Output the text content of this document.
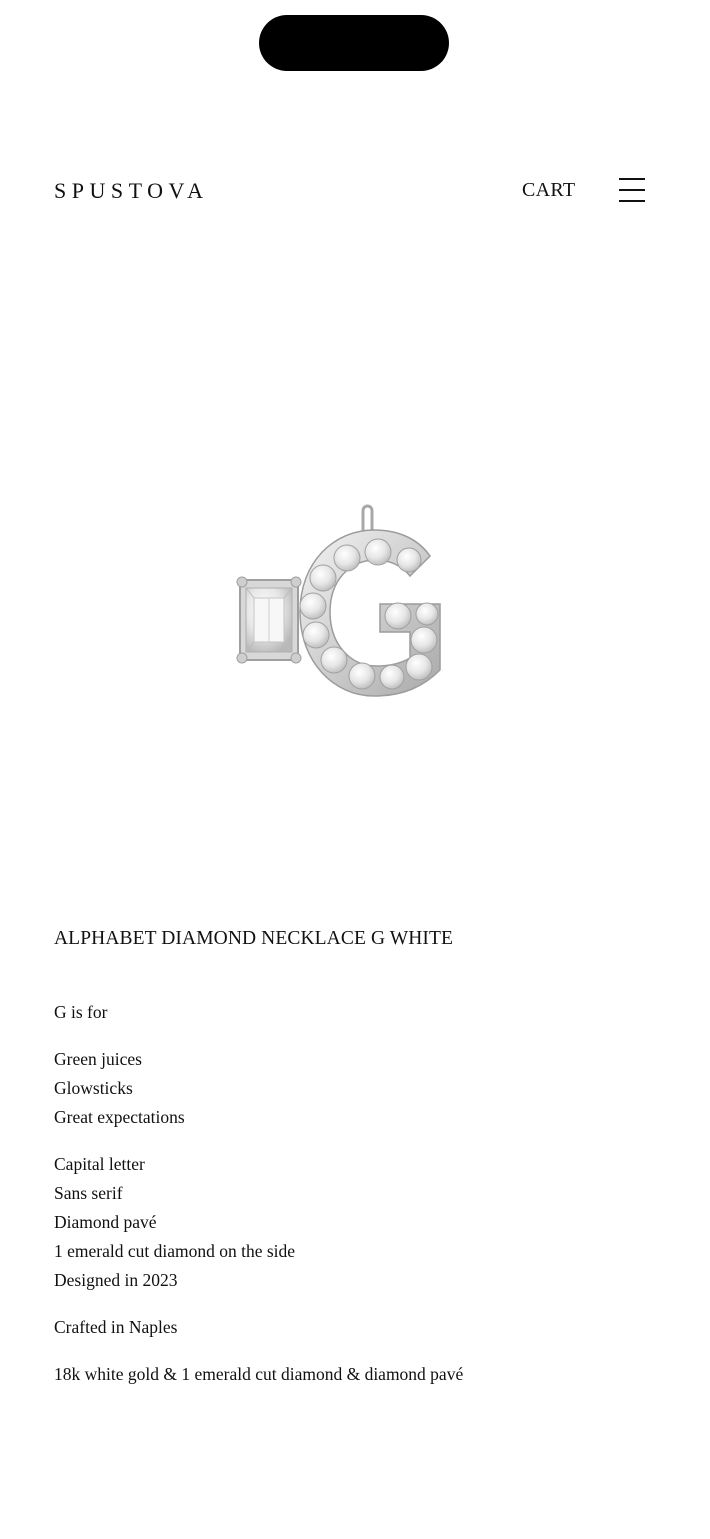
SPUSTOVA	CART
ALPHABET DIAMOND NECKLACE G WHITE

G is for

Green juices
Glowsticks
Great expectations

Capital letter
Sans serif
Diamond pavé
1 emerald cut diamond on the side
Designed in 2023

Crafted in Naples

18k white gold & 1 emerald cut diamond & diamond pavé
